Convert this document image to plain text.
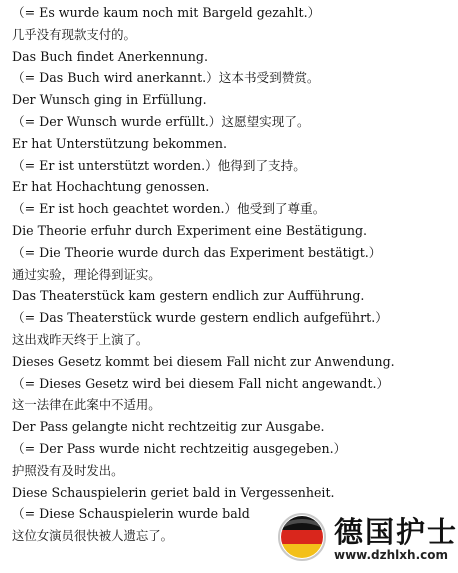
（= Es wurde kaum noch mit Bargeld gezahlt.）
几乎没有现款支付的。
Das Buch findet Anerkennung.
（= Das Buch wird anerkannt.）这本书受到赞赏。
Der Wunsch ging in Erfüllung.
（= Der Wunsch wurde erfüllt.）这愿望实现了。
Er hat Unterstützung bekommen.
（= Er ist unterstützt worden.）他得到了支持。
Er hat Hochachtung genossen.
（= Er ist hoch geachtet worden.）他受到了尊重。
Die Theorie erfuhr durch Experiment eine Bestätigung.
（= Die Theorie wurde durch das Experiment bestätigt.）
通过实验，理论得到证实。
Das Theaterstück kam gestern endlich zur Aufführung.
（= Das Theaterstück wurde gestern endlich aufgeführt.）
这出戏昨天终于上演了。
Dieses Gesetz kommt bei diesem Fall nicht zur Anwendung.
（= Dieses Gesetz wird bei diesem Fall nicht angewandt.）
这一法律在此案中不适用。
Der Pass gelangte nicht rechtzeitig zur Ausgabe.
（= Der Pass wurde nicht rechtzeitig ausgegeben.）
护照没有及时发出。
Diese Schauspielerin geriet bald in Vergessenheit.
（= Diese Schauspielerin wurde bald
这位女演员很快被人遗忘了。	德国护士
www.dzhlxh.com
